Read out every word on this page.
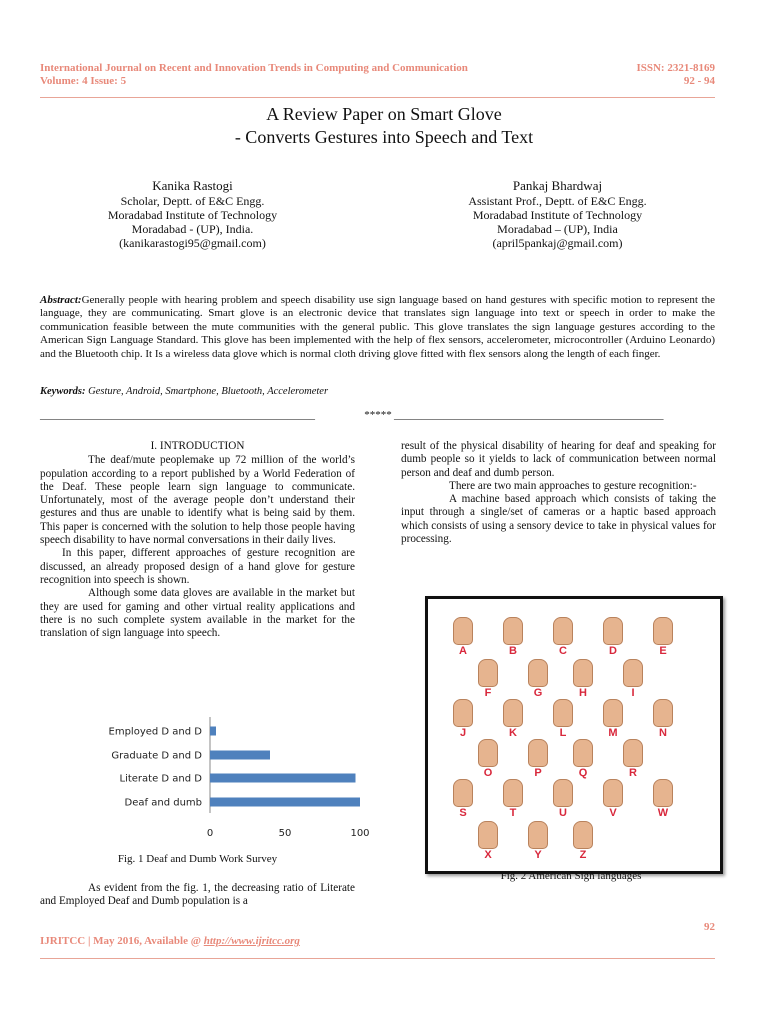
International Journal on Recent and Innovation Trends in Computing and Communication
Volume: 4 Issue: 5
ISSN: 2321-8169
92 - 94
A Review Paper on Smart Glove
- Converts Gestures into Speech and Text
Kanika Rastogi
Scholar, Deptt. of E&C Engg.
Moradabad Institute of Technology
Moradabad - (UP), India.
(kanikarastogi95@gmail.com)
Pankaj Bhardwaj
Assistant Prof., Deptt. of E&C Engg.
Moradabad Institute of Technology
Moradabad – (UP), India
(april5pankaj@gmail.com)
Abstract:Generally people with hearing problem and speech disability use sign language based on hand gestures with specific motion to represent the language, they are communicating. Smart glove is an electronic device that translates sign language into text or speech in order to make the communication feasible between the mute communities with the general public. This glove translates the sign language gestures according to the American Sign Language Standard. This glove has been implemented with the help of flex sensors, accelerometer, microcontroller (Arduino Leonardo) and the Bluetooth chip. It Is a wireless data glove which is normal cloth driving glove fitted with flex sensors along the length of each finger.
Keywords: Gesture, Android, Smartphone, Bluetooth, Accelerometer
__________________________________________________	***** _________________________________________________

I. INTRODUCTION

The deaf/mute peoplemake up 72 million of the world’s population according to a report published by a World Federation of the Deaf. These people learn sign language to communicate. Unfortunately, most of the average people don’t understand their gestures and thus are unable to identify what is being said by them. This paper is concerned with the solution to help those people having speech disability to have normal conversations in their daily lives.

In this paper, different approaches of gesture recognition are discussed, an already proposed design of a hand glove for gesture recognition into speech is shown.

Although some data gloves are available in the market but they are used for gaming and other virtual reality applications and there is no such complete system available in the market for the translation of sign language into speech.

Employed D and D
Graduate D and D
Literate D and D
Deaf and dumb
0	50	100
Fig. 1 Deaf and Dumb Work Survey

As evident from the fig. 1, the decreasing ratio of Literate and Employed Deaf and Dumb population is a

result of the physical disability of hearing for deaf and speaking for dumb people so it yields to lack of communication between normal person and deaf and dumb person.

There are two main approaches to gesture recognition:-

A machine based approach which consists of taking the input through a single/set of cameras or a haptic based approach which consists of using a sensory device to take in physical values for processing.

A	B	C	D	E
F	G	H	I
J	K	L	M	N
O	P	Q	R
S	T	U	V	W
X	Y	Z
Fig. 2 American Sign languages
92
IJRITCC | May 2016, Available @ http://www.ijritcc.org
